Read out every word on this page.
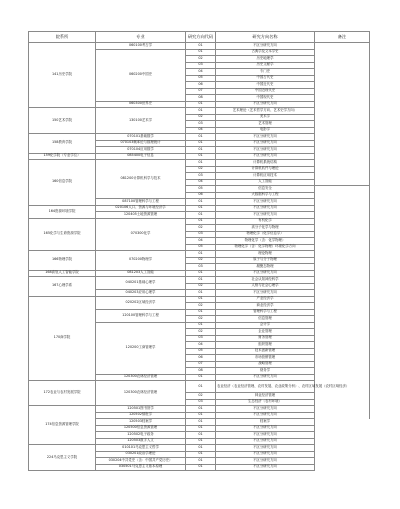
院系所	专业	研究方向代码	研究方向名称	备注	
141历史学院	060100考古学	01	不区分研究方向		
	060200中国史	01	古典学及文本学史		
		02	历史地理学		
		03	历史文献学		
		04	专门史		
		05	中国古代史		
		06	中国近代史		
		07	中国近现代史		
		08	中国现代史		
	060300世界史	01	不区分研究方向		
150艺术学院	130100艺术学	01	艺术理论（艺术哲学方向、艺术史学方向）		
		02	美术学		
		03	艺术管理		
		04	电影学		
158教育学院	070101基础数学	01	不区分研究方向		
	070103概率论与数理统计	01	不区分研究方向		
	070104应用数学	01	不区分研究方向		
159化学院（专业学位）	085400电子信息	01	不区分研究方向	
160信息学院	081200计算机科学与技术	01	计算机系统结构		
		02	计算机软件与理论		
		03	计算机应用技术		
		04	人工智能		
		05	信息安全		
		06	大数据科学与工程		
	087100管理科学与工程	01	不区分研究方向		
164资源环境学院	020106人口、资源与环境经济学	01	不区分研究方向		
	120405土地资源管理	01	不区分研究方向		
165化学与生命资源学院	070300化学	01	有机化学		
		02	高分子化学与物理		
		03	物理化学（化学信息学）		
		04	物理化学（含：化学物理）		
		05	物理化学（含：化学物理）环境化学方向		
166物理学院	070200物理学	01	理论物理		
		02	原子与分子物理		
		03	凝聚态物理		
168高瓴人工智能学院	081203人工智能	01	不区分研究方向		
167心理学系	040201基础心理学	01	社会认知神经科学		
		02	人格与社会心理学		
	040203应用心理学	01	不区分研究方向		
170商学院	020202区域经济学	01	产业经济学		
		02	商业经济学		
	120100管理科学与工程	01	管理科学与工程		
		02	信息管理		
	120200工商管理学	01	会计学		
		02	企业管理		
		03	财务管理		
		04	组织管理		
		05	技术创新管理		
		06	市场营销管理		
		07	战略管理		
		08	财务学		
	120300农林经济管理	01	不区分研究方向		
172农业与农村发展学院	120300农林经济管理	01	农业经济（农业经济管理、农村发展、农业政策分析）、农村区域发展（农村区域经济）		
		02	林业经济管理		
		03	生态经济（农村环境）		
174信息资源管理学院	120501图书馆学	01	不区分研究方向		
	120502情报学	01	不区分研究方向		
	120503档案学	01	档案学		
	120500信息资源管理	01	不区分研究方向		
	120502电子政务	01	不区分研究方向		
	120503数字人文	01	不区分研究方向		
224马克思主义学院	010101马克思主义哲学	01	不区分研究方向		
	030201政治学理论	01	不区分研究方向		
	030204中共党史（含：中国共产党历史）	01	不区分研究方向		
	030501马克思主义基本原理	01	不区分研究方向		
